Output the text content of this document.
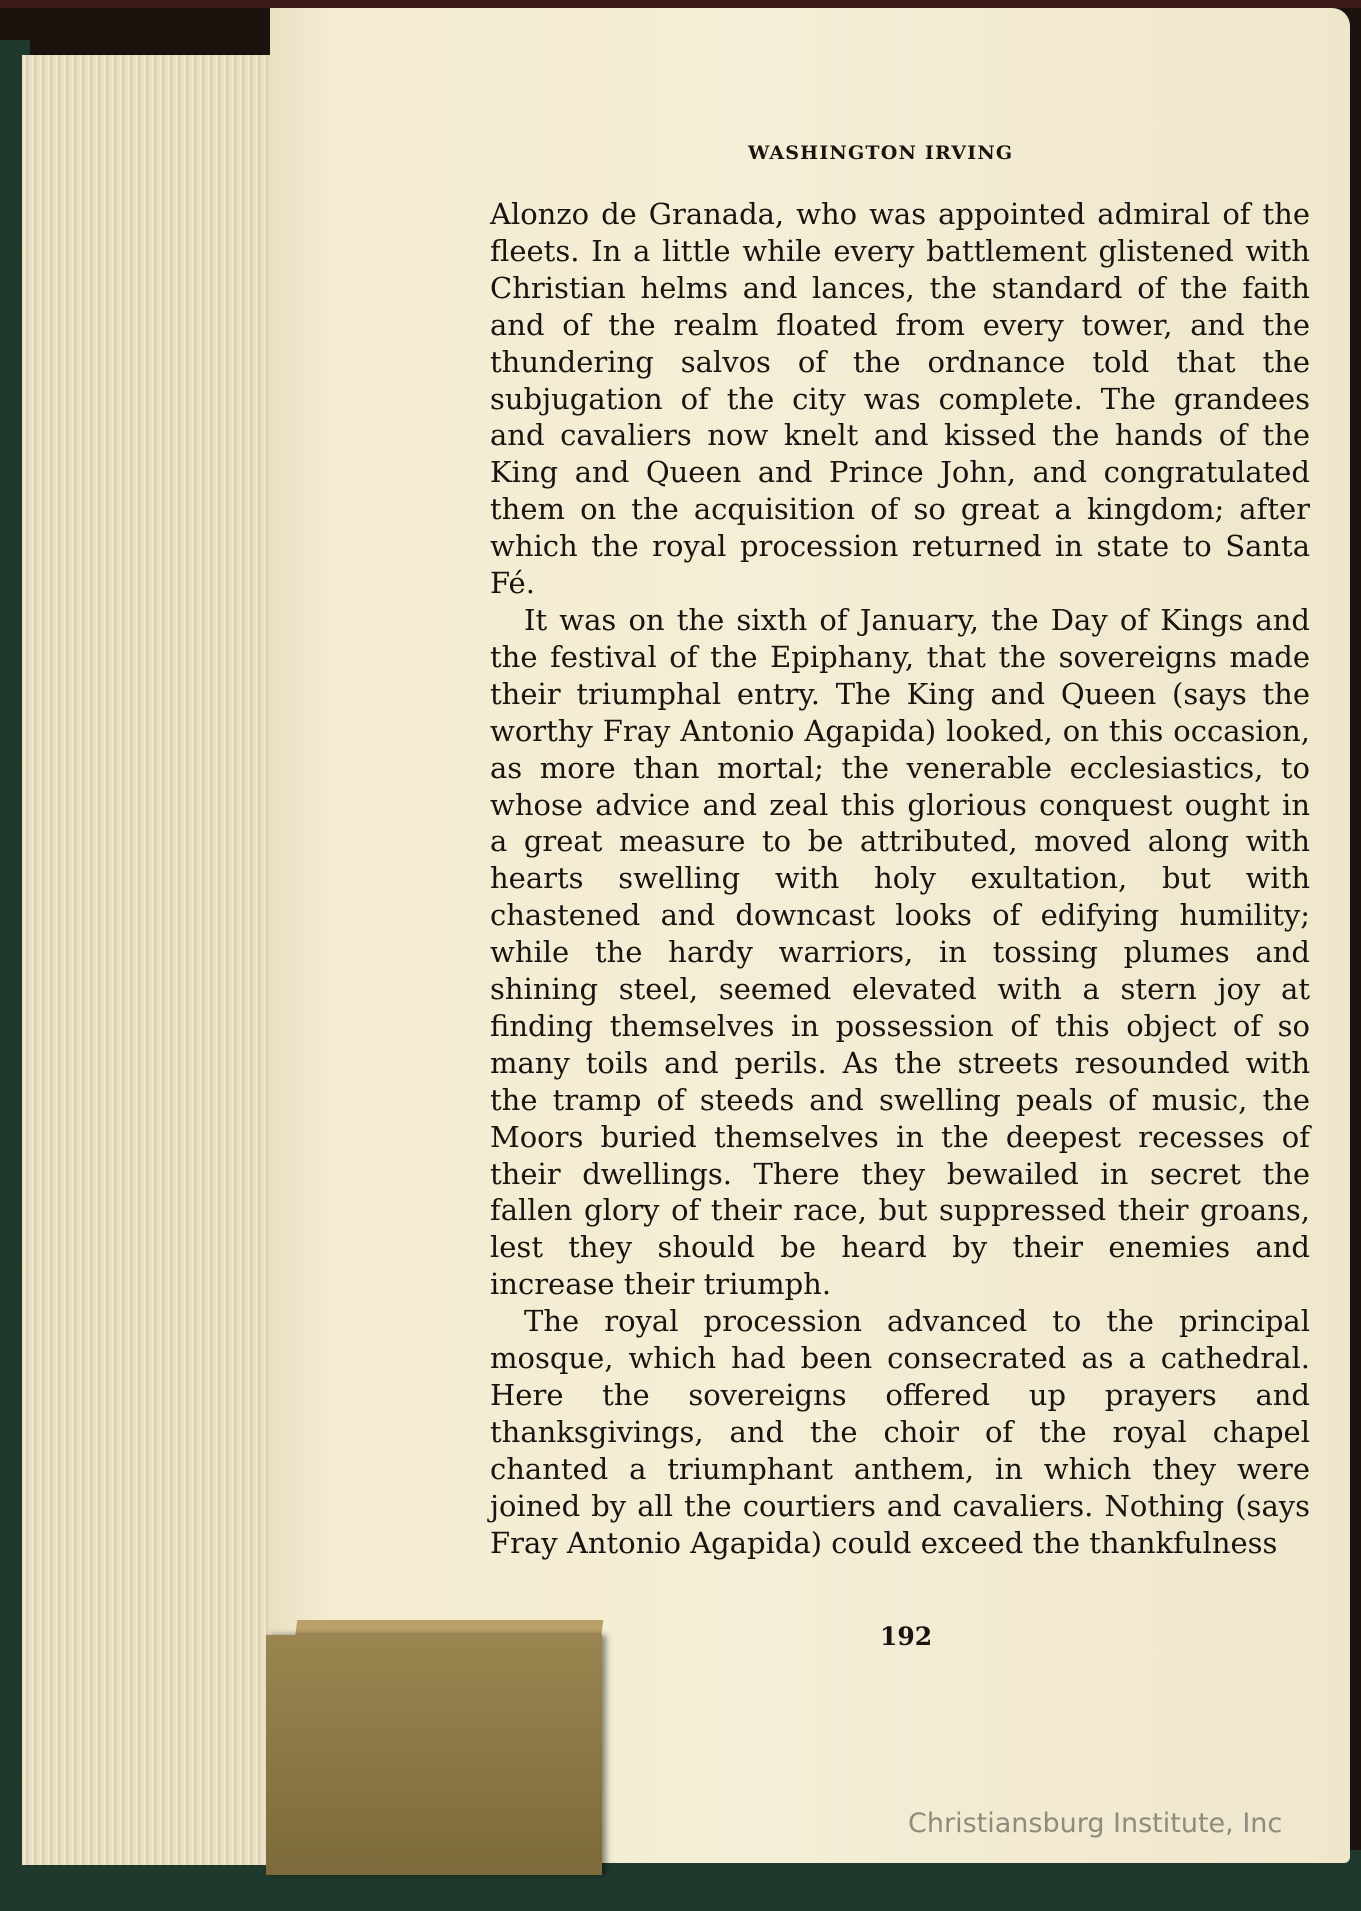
WASHINGTON IRVING

Alonzo de Granada, who was appointed admiral of the fleets. In a little while every battlement glistened with Christian helms and lances, the standard of the faith and of the realm floated from every tower, and the thundering salvos of the ordnance told that the subjugation of the city was complete. The grandees and cavaliers now knelt and kissed the hands of the King and Queen and Prince John, and congratulated them on the acquisition of so great a kingdom; after which the royal procession returned in state to Santa Fé.

It was on the sixth of January, the Day of Kings and the festival of the Epiphany, that the sovereigns made their triumphal entry. The King and Queen (says the worthy Fray Antonio Agapida) looked, on this occasion, as more than mortal; the venerable ecclesiastics, to whose advice and zeal this glorious conquest ought in a great measure to be attributed, moved along with hearts swelling with holy exultation, but with chastened and downcast looks of edifying humility; while the hardy warriors, in tossing plumes and shining steel, seemed elevated with a stern joy at finding themselves in possession of this object of so many toils and perils. As the streets resounded with the tramp of steeds and swelling peals of music, the Moors buried themselves in the deepest recesses of their dwellings. There they bewailed in secret the fallen glory of their race, but suppressed their groans, lest they should be heard by their enemies and increase their triumph.

The royal procession advanced to the principal mosque, which had been consecrated as a cathedral. Here the sovereigns offered up prayers and thanksgivings, and the choir of the royal chapel chanted a triumphant anthem, in which they were joined by all the courtiers and cavaliers. Nothing (says Fray Antonio Agapida) could exceed the thankfulness

192
Christiansburg Institute, Inc
